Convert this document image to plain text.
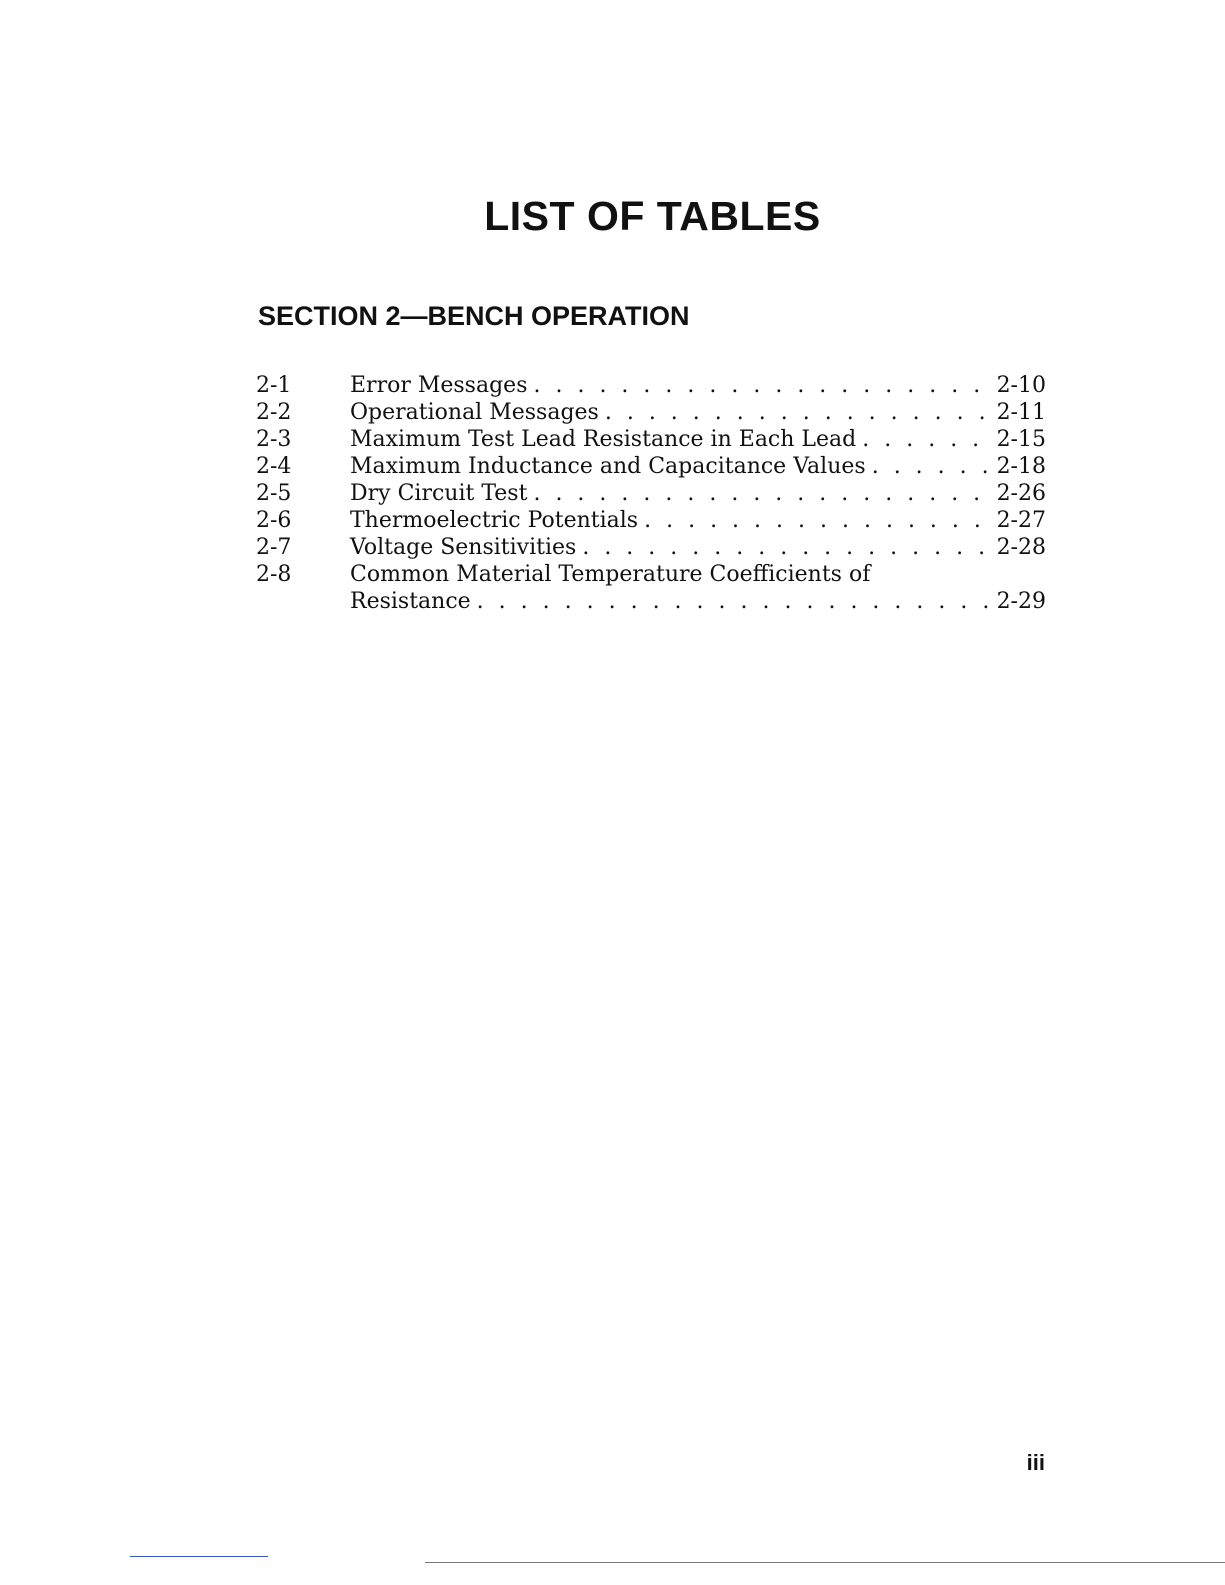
LIST OF TABLES
SECTION 2—BENCH OPERATION
2-1	Error Messages . . .	2-10
2-2	Operational Messages . . .	2-11
2-3	Maximum Test Lead Resistance in Each Lead . . .	2-15
2-4	Maximum Inductance and Capacitance Values . . .	2-18
2-5	Dry Circuit Test . . .	2-26
2-6	Thermoelectric Potentials . . .	2-27
2-7	Voltage Sensitivities . . .	2-28
2-8	Common Material Temperature Coefficients of
Resistance . . .	2-29
iii
